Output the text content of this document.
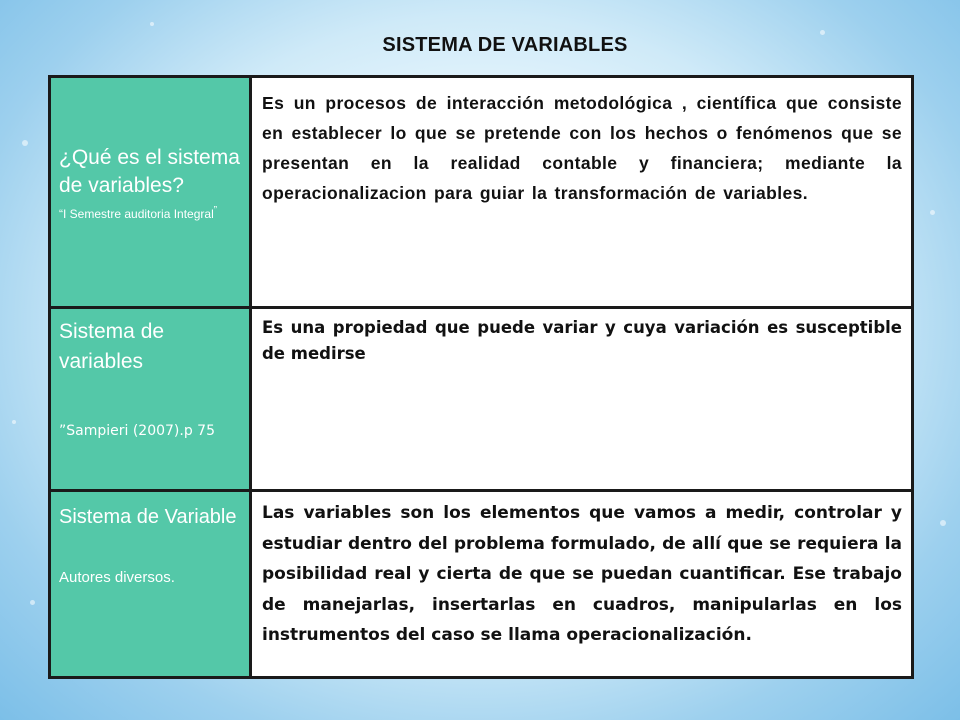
SISTEMA DE VARIABLES
¿Qué es el sistema de variables?
“I Semestre auditoria Integral”	Es un procesos de interacción metodológica , científica que consiste en establecer lo que se pretende con los hechos o fenómenos que se presentan en la realidad contable y financiera; mediante la operacionalizacion para guiar la transformación de variables.

Sistema de variables
”Sampieri (2007).p 75	Es una propiedad que puede variar y cuya variación es susceptible de medirse

Sistema de Variable
Autores diversos.	Las variables son los elementos que vamos a medir, controlar y estudiar dentro del problema formulado, de allí que se requiera la posibilidad real y cierta de que se puedan cuantificar. Ese trabajo de manejarlas, insertarlas en cuadros, manipularlas en los instrumentos del caso se llama operacionalización.
